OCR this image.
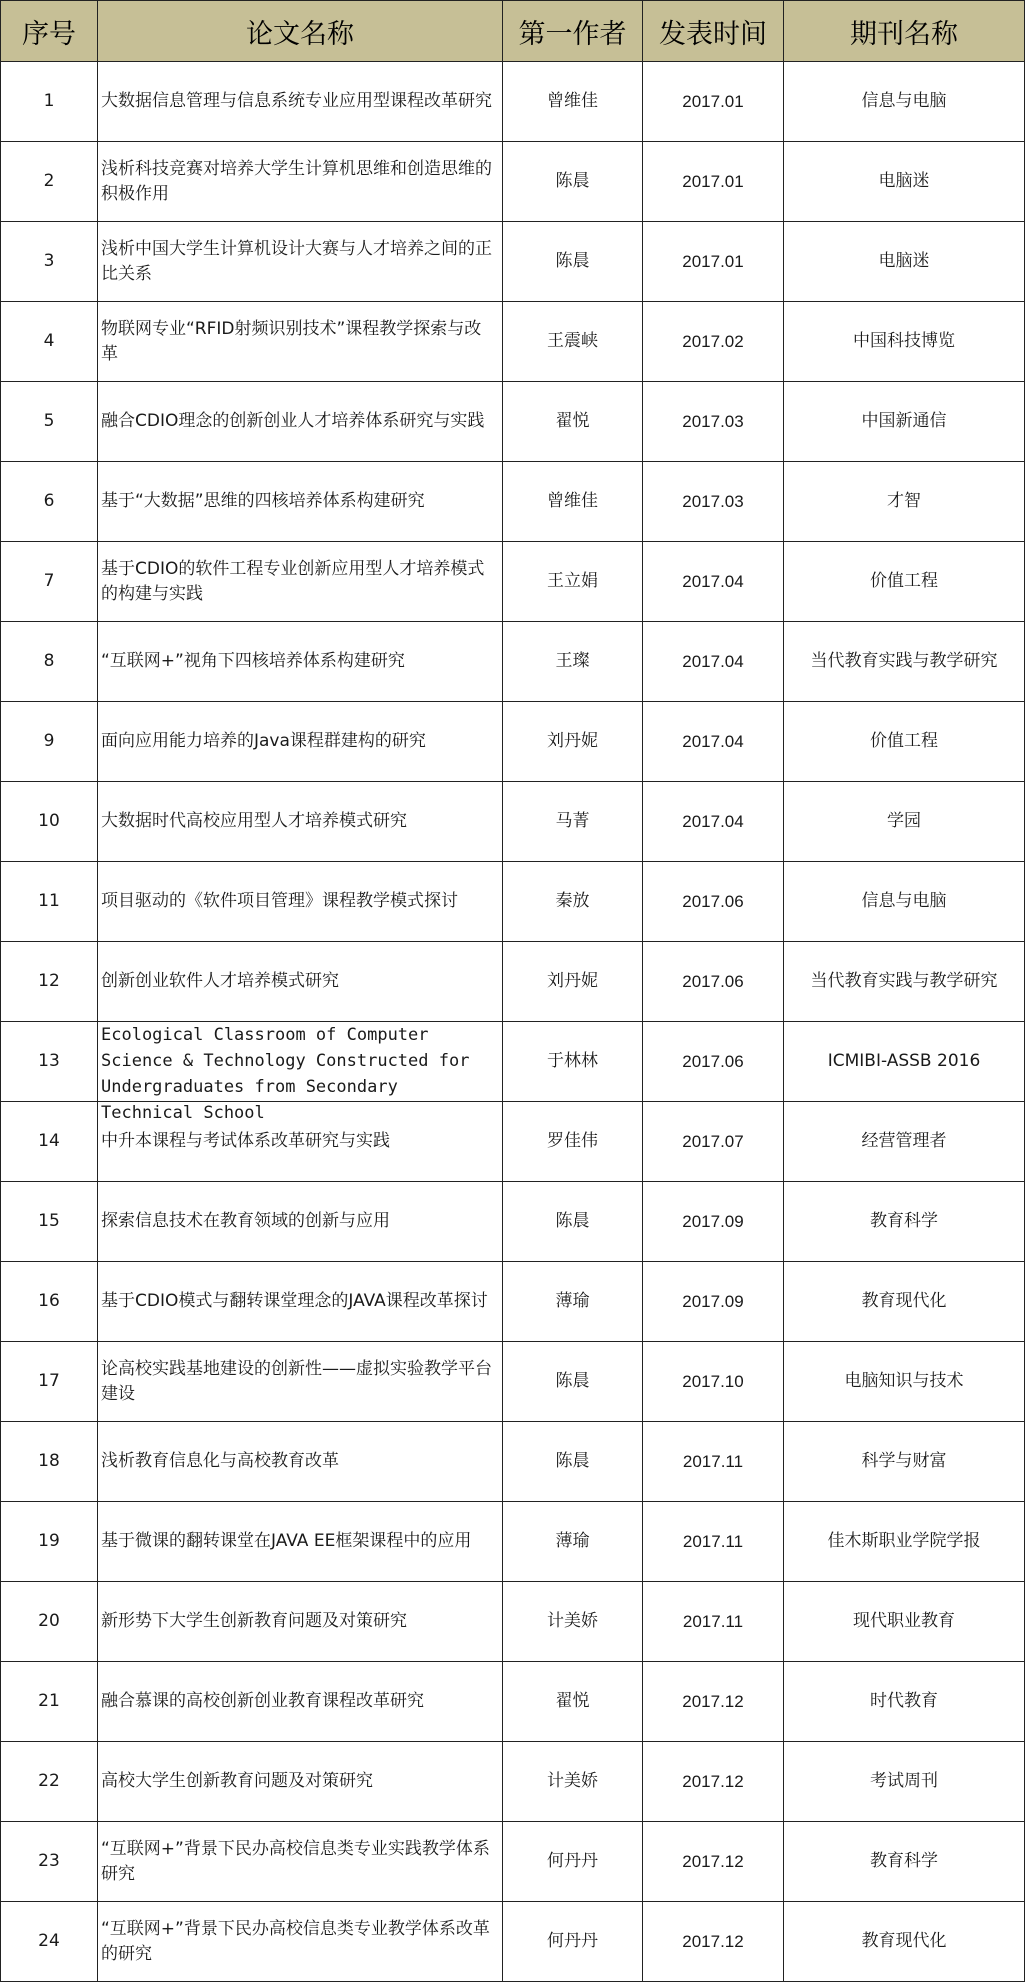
序号	论文名称	第一作者	发表时间	期刊名称
1	大数据信息管理与信息系统专业应用型课程改革研究	曾维佳	2017.01	信息与电脑
2	浅析科技竞赛对培养大学生计算机思维和创造思维的积极作用	陈晨	2017.01	电脑迷
3	浅析中国大学生计算机设计大赛与人才培养之间的正比关系	陈晨	2017.01	电脑迷
4	物联网专业“RFID射频识别技术”课程教学探索与改革	王震峡	2017.02	中国科技博览
5	融合CDIO理念的创新创业人才培养体系研究与实践	翟悦	2017.03	中国新通信
6	基于“大数据”思维的四核培养体系构建研究	曾维佳	2017.03	才智
7	基于CDIO的软件工程专业创新应用型人才培养模式的构建与实践	王立娟	2017.04	价值工程
8	“互联网+”视角下四核培养体系构建研究	王璨	2017.04	当代教育实践与教学研究
9	面向应用能力培养的Java课程群建构的研究	刘丹妮	2017.04	价值工程
10	大数据时代高校应用型人才培养模式研究	马菁	2017.04	学园
11	项目驱动的《软件项目管理》课程教学模式探讨	秦放	2017.06	信息与电脑
12	创新创业软件人才培养模式研究	刘丹妮	2017.06	当代教育实践与教学研究
13	Ecological Classroom of Computer Science & Technology Constructed for Undergraduates from Secondary Technical School	于林林	2017.06	ICMIBI-ASSB 2016
14	中升本课程与考试体系改革研究与实践	罗佳伟	2017.07	经营管理者
15	探索信息技术在教育领域的创新与应用	陈晨	2017.09	教育科学
16	基于CDIO模式与翻转课堂理念的JAVA课程改革探讨	薄瑜	2017.09	教育现代化
17	论高校实践基地建设的创新性——虚拟实验教学平台建设	陈晨	2017.10	电脑知识与技术
18	浅析教育信息化与高校教育改革	陈晨	2017.11	科学与财富
19	基于微课的翻转课堂在JAVA EE框架课程中的应用	薄瑜	2017.11	佳木斯职业学院学报
20	新形势下大学生创新教育问题及对策研究	计美娇	2017.11	现代职业教育
21	融合慕课的高校创新创业教育课程改革研究	翟悦	2017.12	时代教育
22	高校大学生创新教育问题及对策研究	计美娇	2017.12	考试周刊
23	“互联网+”背景下民办高校信息类专业实践教学体系研究	何丹丹	2017.12	教育科学
24	“互联网+”背景下民办高校信息类专业教学体系改革的研究	何丹丹	2017.12	教育现代化
